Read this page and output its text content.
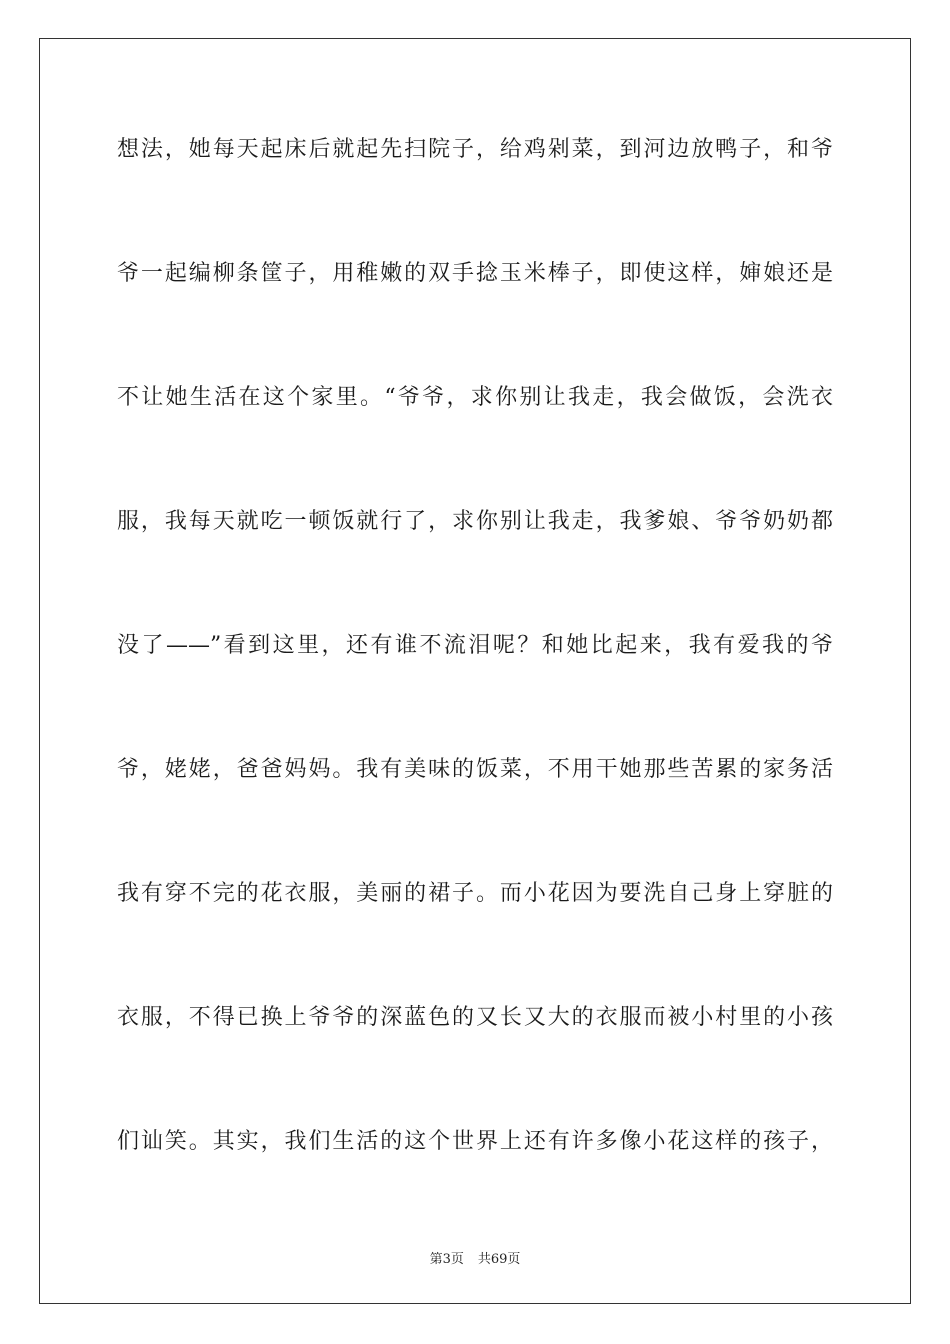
想法，她每天起床后就起先扫院子，给鸡剁菜，到河边放鸭子，和爷
爷一起编柳条筐子，用稚嫩的双手捻玉米棒子，即使这样，婶娘还是
不让她生活在这个家里。“爷爷，求你别让我走，我会做饭，会洗衣
服，我每天就吃一顿饭就行了，求你别让我走，我爹娘、爷爷奶奶都
没了——”看到这里，还有谁不流泪呢？和她比起来，我有爱我的爷
爷，姥姥，爸爸妈妈。我有美味的饭菜，不用干她那些苦累的家务活
我有穿不完的花衣服，美丽的裙子。而小花因为要洗自己身上穿脏的
衣服，不得已换上爷爷的深蓝色的又长又大的衣服而被小村里的小孩
们讪笑。其实，我们生活的这个世界上还有许多像小花这样的孩子，
第3页 共69页
